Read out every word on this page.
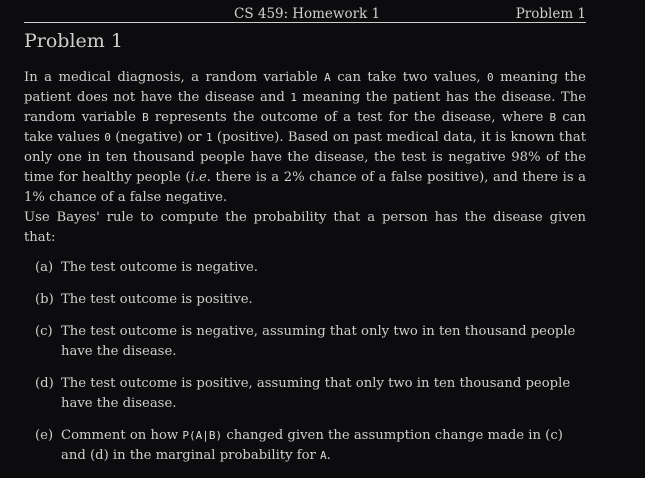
CS 459: Homework 1	Problem 1
Problem 1

In a medical diagnosis, a random variable A can take two values, 0 meaning the patient does not have the disease and 1 meaning the patient has the disease. The random variable B represents the outcome of a test for the disease, where B can take values 0 (negative) or 1 (positive). Based on past medical data, it is known that only one in ten thousand people have the disease, the test is negative 98% of the time for healthy people (i.e. there is a 2% chance of a false positive), and there is a 1% chance of a false negative.

Use Bayes' rule to compute the probability that a person has the disease given that:

(a) The test outcome is negative.
(b) The test outcome is positive.
(c) The test outcome is negative, assuming that only two in ten thousand people have the disease.
(d) The test outcome is positive, assuming that only two in ten thousand people have the disease.
(e) Comment on how P(A|B) changed given the assumption change made in (c) and (d) in the marginal probability for A.
